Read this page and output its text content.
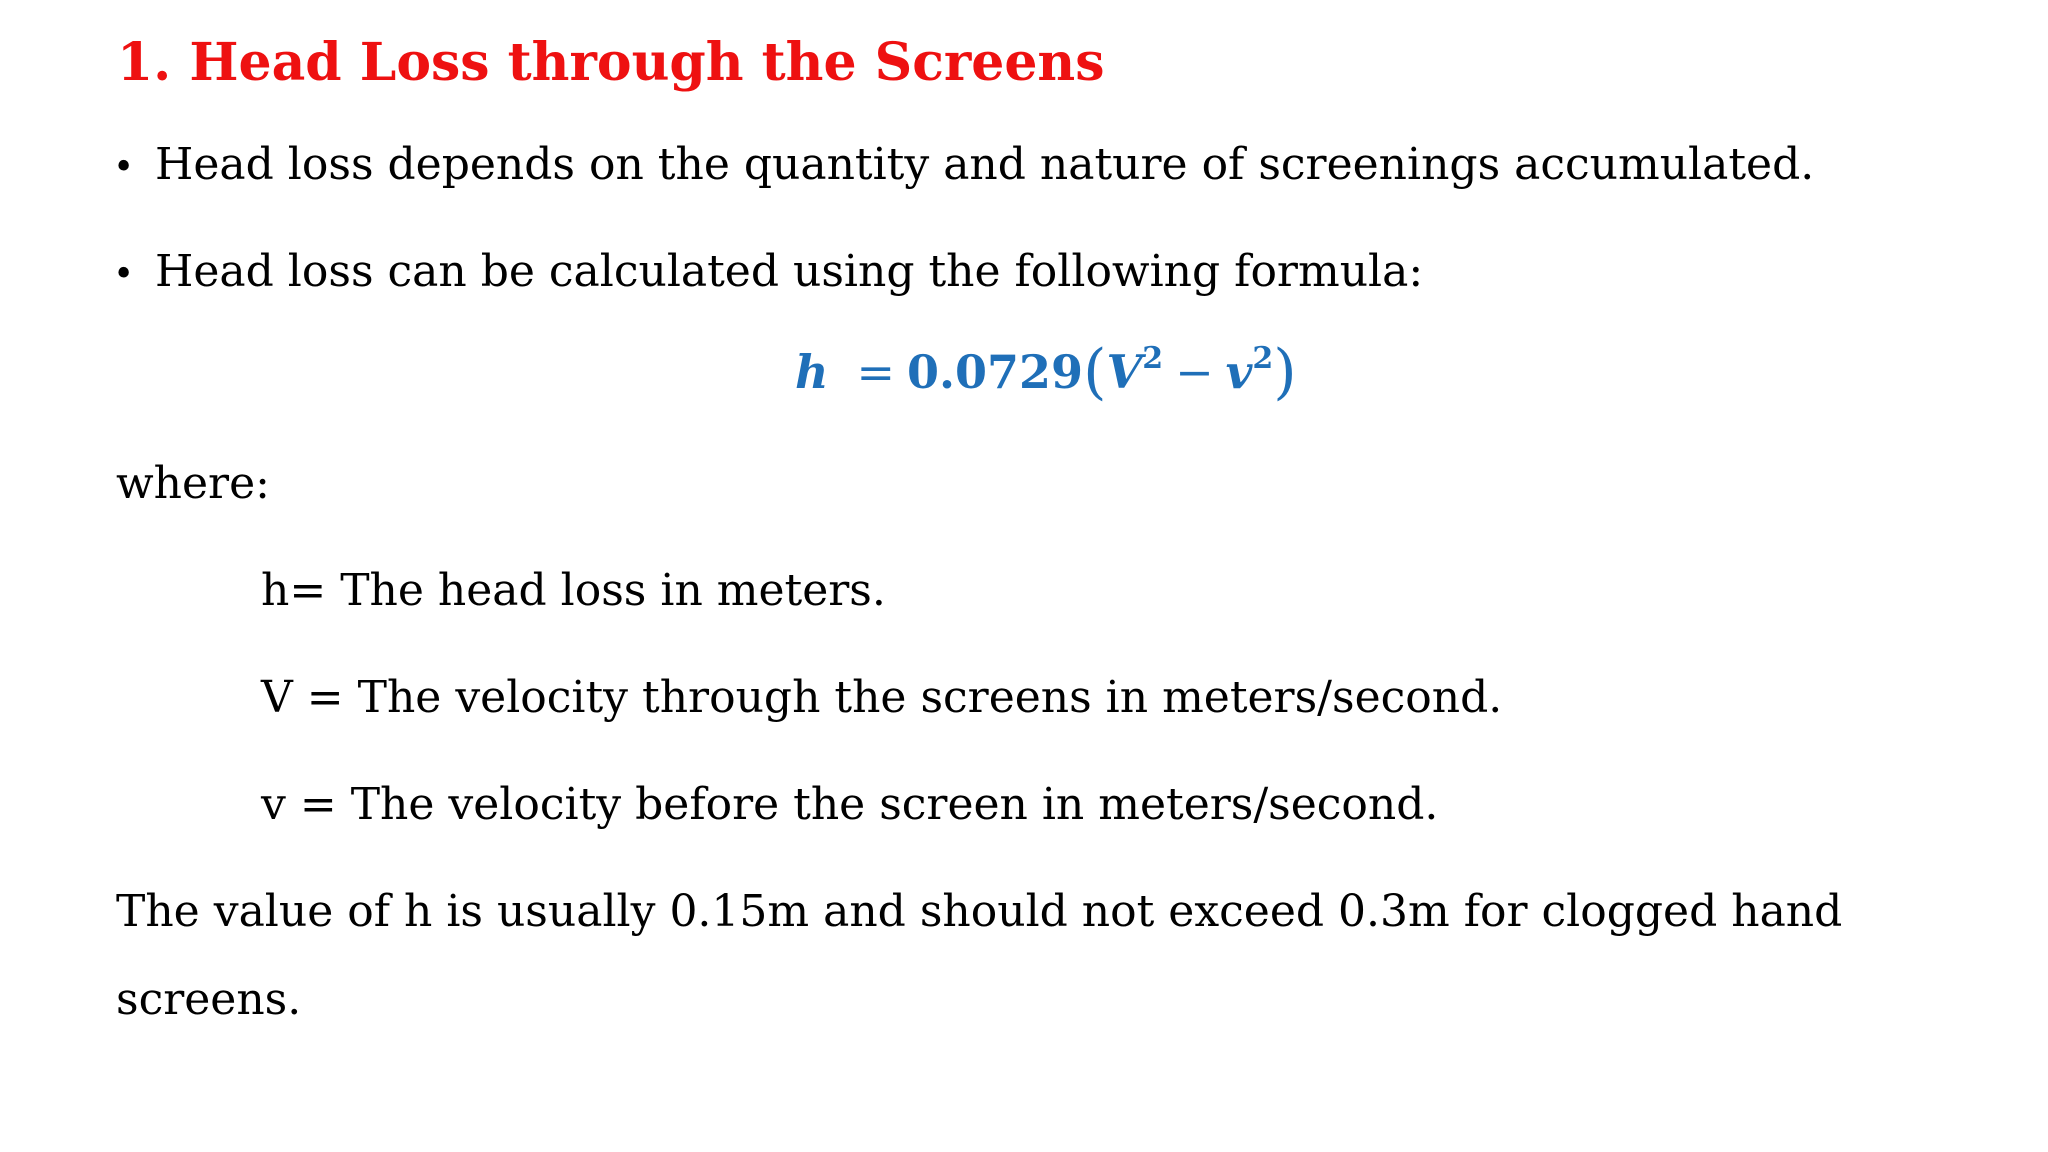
1. Head Loss through the Screens
• Head loss depends on the quantity and nature of screenings accumulated.
• Head loss can be calculated using the following formula:
$h = 0.0729(V^2 - v^2)$
where:
h= The head loss in meters.
V = The velocity through the screens in meters/second.
v = The velocity before the screen in meters/second.
The value of h is usually 0.15m and should not exceed 0.3m for clogged hand
screens.
